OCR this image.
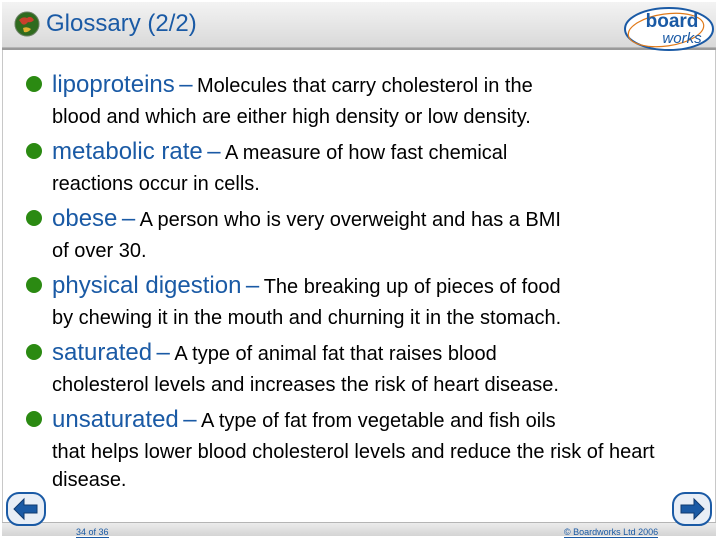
Glossary (2/2)	board
works
lipoproteins – Molecules that carry cholesterol in the
blood and which are either high density or low density.
metabolic rate – A measure of how fast chemical
reactions occur in cells.
obese – A person who is very overweight and has a BMI
of over 30.
physical digestion – The breaking up of pieces of food
by chewing it in the mouth and churning it in the stomach.
saturated – A type of animal fat that raises blood
cholesterol levels and increases the risk of heart disease.
unsaturated – A type of fat from vegetable and fish oils
that helps lower blood cholesterol levels and reduce the risk of heart disease.
34 of 36	© Boardworks Ltd 2006
